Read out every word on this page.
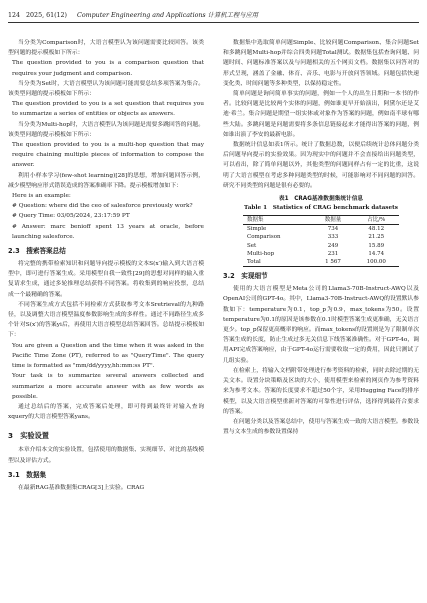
124 2025, 61(12) Computer Engineering and Applications 计算机工程与应用

当分类为Comparison时，大语言模型认为该问题需要比较回答。该类型问题的提示模板如下所示：

The question provided to you is a comparison question that requires your judgment and comparison.

当分类为Set时，大语言模型认为该问题可能需要总结多项答案为集合。该类型问题的提示模板如下所示：

The question provided to you is a set question that requires you to summarize a series of entities or objects as answers.

当分类为Multi-hop时，大语言模型认为该问题是需要多跳回答的问题。该类型问题的提示模板如下所示：

The question provided to you is a multi-hop question that may require chaining multiple pieces of information to compose the answer.

利用小样本学习(few-shot learning)[28]的思想，增加问题回答示例，减少模型响应形式错误造成的答案准确率下降。提示模板增加如下：

Here is an example:

# Question: where did the ceo of salesforce previously work?

# Query Time: 03/05/2024, 23:17:59 PT

# Answer: marc benioff spent 13 years at oracle, before launching salesforce.

2.3　搜索答案总结

将完整的携带检索知识和问题导向提示模板的文本S(x′)输入到大语言模型中，即可进行答案生成。采用模型自我一致性[29]的思想对同样的输入重复请求生成，通过多轮推理总结获得不同答案。将收集到的响应投票，总结成一个最精确的答案。

不同答案生成方式包括不同检索方式获取参考文本Sretrieval的九种路径，以及调整大语言模型温度参数影响生成的多样性。通过不同路径生成多个针对S(x′)的答案yi后，再使用大语言模型总结答案回答。总结提示模板如下：

You are given a Question and the time when it was asked in the Pacific Time Zone (PT), referred to as "QueryTime". The query time is formatted as "mm/dd/yyyy,hh:mm:ss PT".

Your task is to summarize several answers collected and summarize a more accurate answer with as few words as possible.

通过总结后的答案，完成答案后处理，即可得到最终针对输入查询xquery的大语言模型答案yans。

3　实验设置

本章介绍本文的实验设置，包括使用的数据集、实现细节、对比的基线模型以及评估方式。

3.1　数据集

在最新RAG基准数据集CRAG[3]上实验。CRAG

数据集中选取简单问题Simple、比较问题Comparison、集合问题Set和多跳问题Multi-hop并综合四类问题Total测试。数据集包括查询问题、问题时间、问题标准答案以及与问题相关的五个网页文档。数据集以问答对的形式呈现，涵盖了金融、体育、音乐、电影与开放问答领域。问题包括快速变化类、时间问题等多种类型，以保持稳定性。

简单问题是询问简单事实的问题，例如一个人的出生日期和一本书的作者。比较问题是比较两个实体的问题，例如谁更早开始演出，阿黛尔还是艾迪·希兰。集合问题是期望一组实体或对象作为答案的问题，例如南半球有哪些大陆。多跳问题是问题需要将多条信息链接起来才能得出答案的问题，例如谁出演了李安的最新电影。

数据统计信息如表1所示。统计了数据总数，以便后续统计总体问题分类后问题导向提示的实验效果。因为现实中的问题并不会直接给出问题类型，可以看出，除了简单问题以外，其他类型的问题同样占有一定的比重，这说明了大语言模型在考虑多种问题类型的时候，可能影响对不同问题的回答。研究不同类型的问题是很有必要的。

表1　CRAG基准数据集统计信息
Table 1　Statistics of CRAG benchmark datasets
数据集	数据量	占比/%
Simple	734	48.12
Comparison	333	21.25
Set	249	15.89
Multi-hop	231	14.74
Total	1 567	100.00
3.2　实现细节

使用的大语言模型是Meta公司的Llama3-70B-Instruct-AWQ以及OpenAI公司的GPT-4o。其中，Llama3-70B-Instruct-AWQ的设置默认参数如下：temperature为0.1，top_p为0.9，max_tokens为50。设置temperature为0.1的原因是该参数在0.1时模型答案生成更准确，无关语言更少。top_p保留更高概率的响应。而max_tokens的设置则是为了限制单次答案生成的长度，防止生成过多无关信息下线答案准确性。对于GPT-4o，调用API完成答案响应，由于GPT-4o运行需要收取一定的费用，因此只测试了几组实验。

在检索上，将输入文档附带处理进行参考资料的检索，同时去除过期的无关文本。设置分块策略及区块的大小，使用模型来检索的网页作为参考资料来为参考文本。答案的长度要求不超过50个字，采用Hugging Face的排序模型，以及大语言模型重新对答案的可靠性进行评估，选择得到最符合要求的答案。

在问题分类以及答案总结中，使用与答案生成一致的大语言模型。参数设置与文本生成的参数设置保持
